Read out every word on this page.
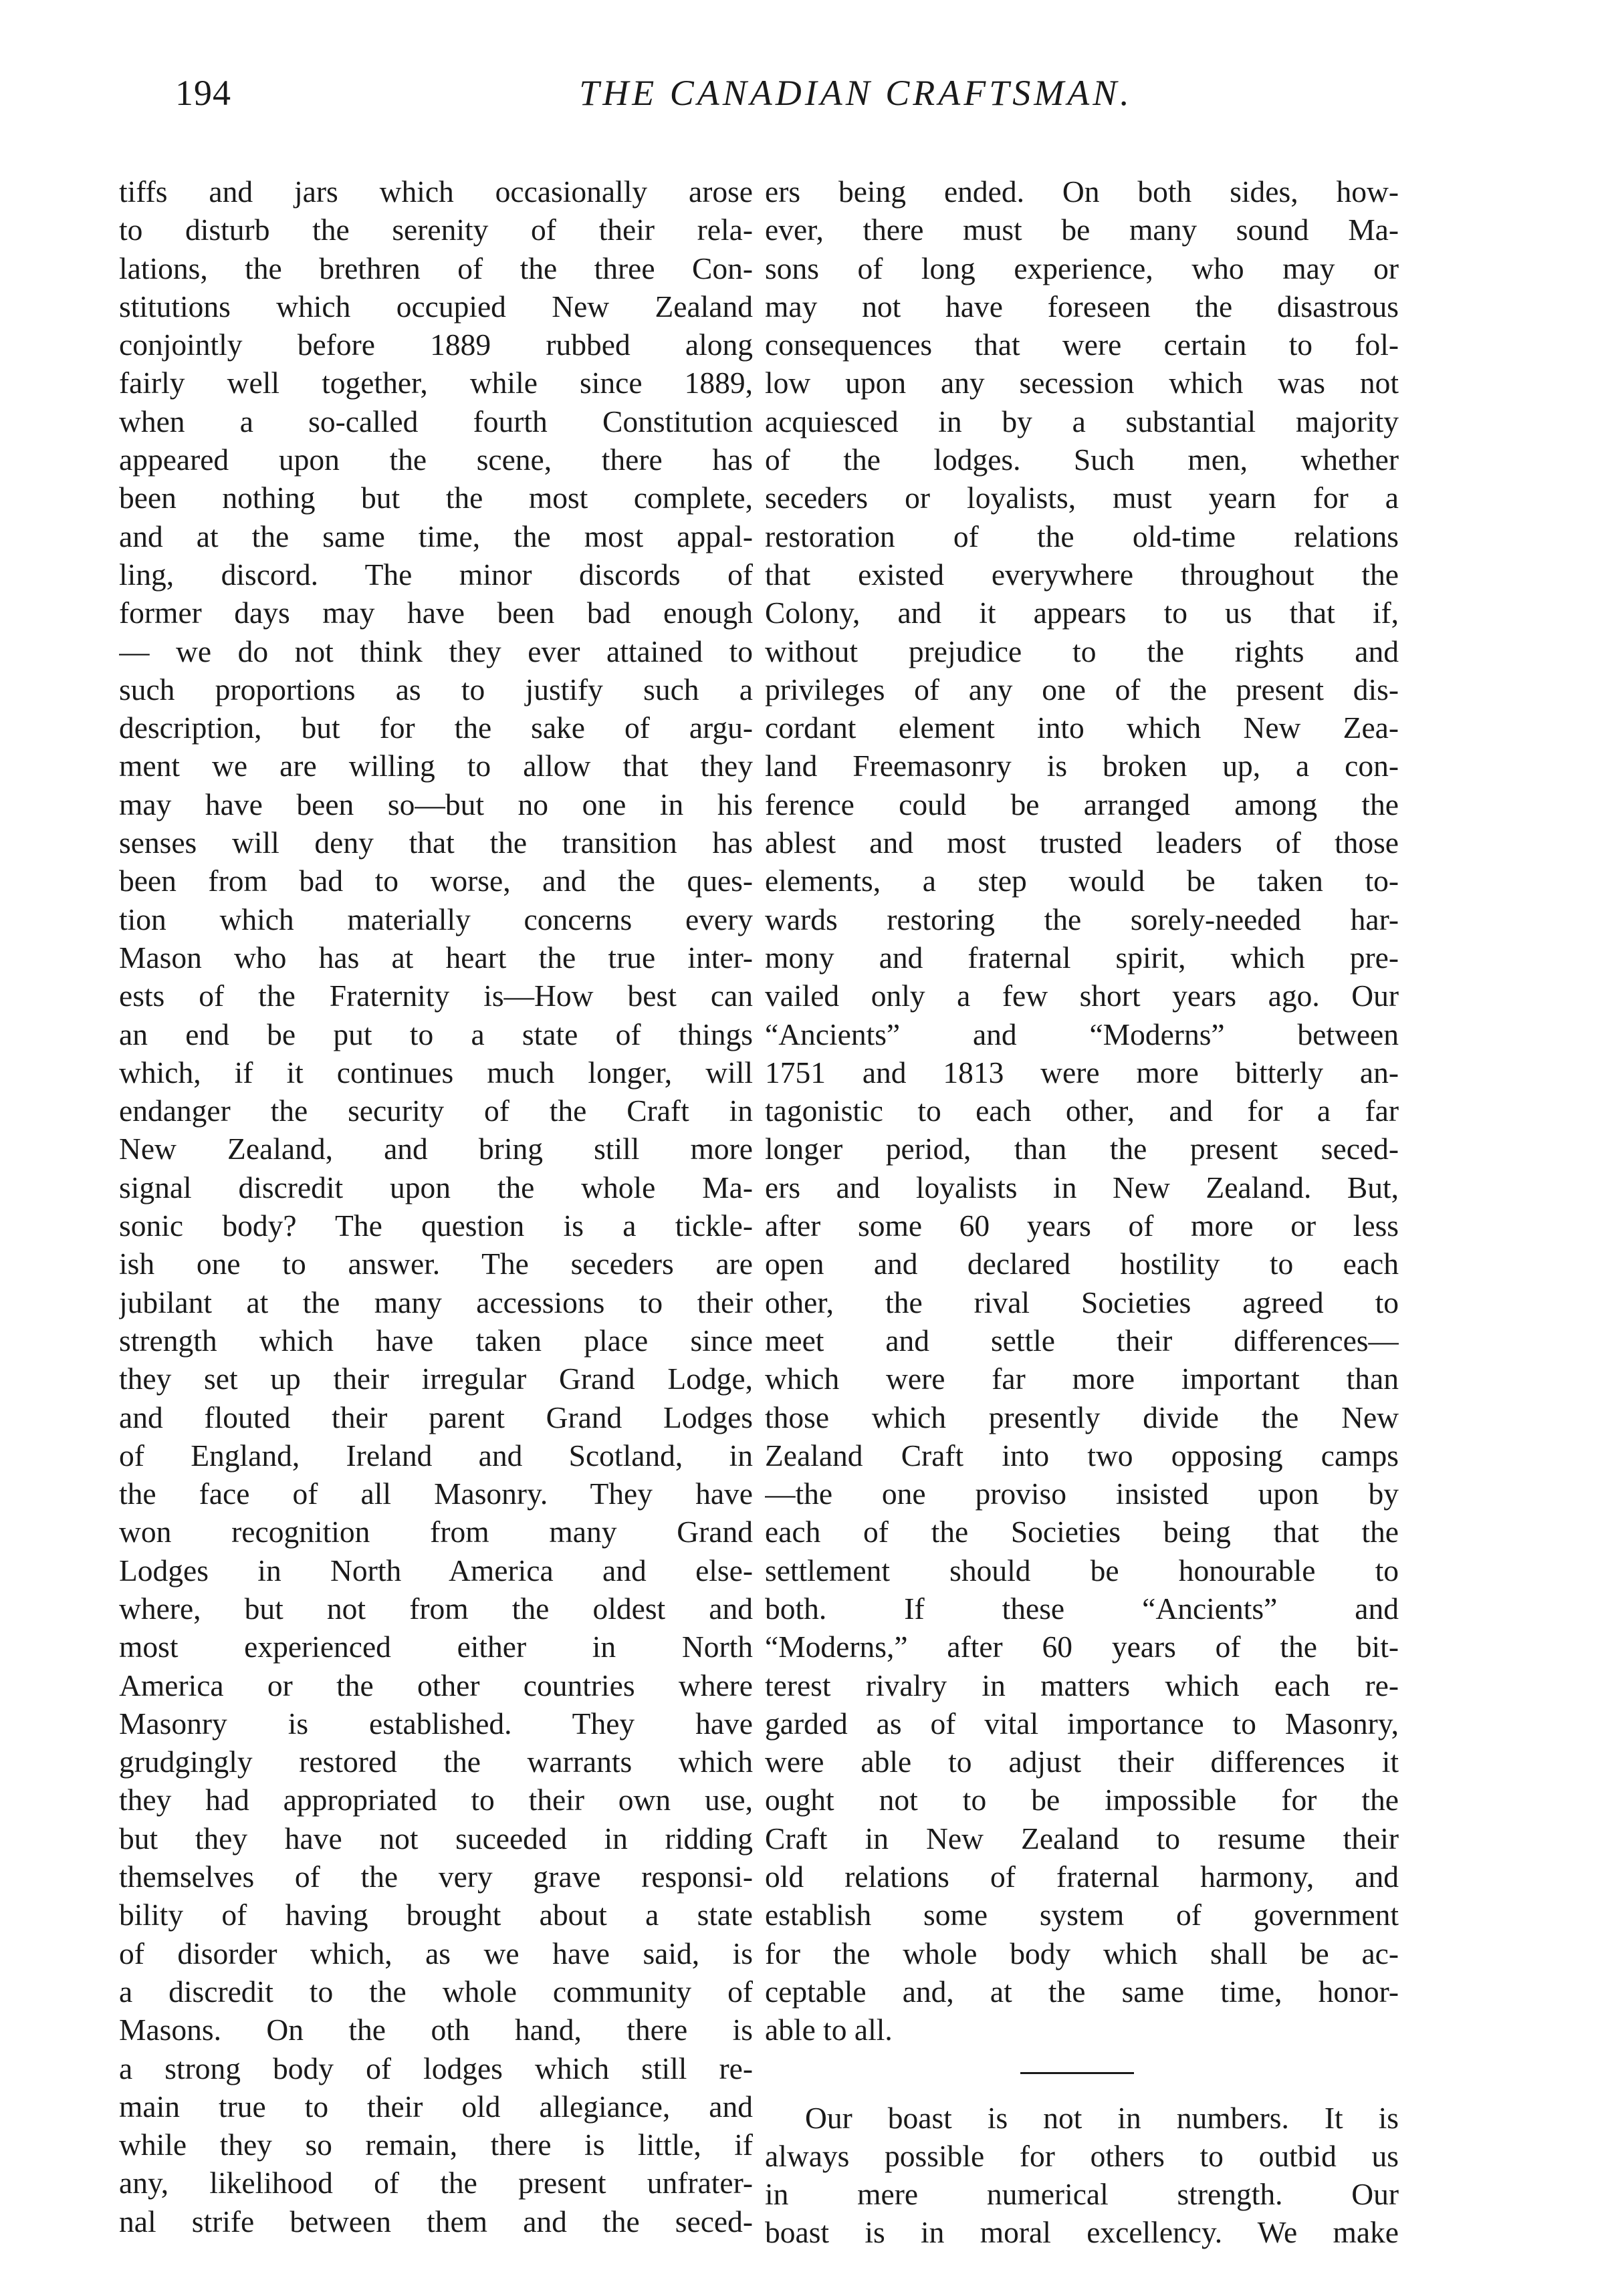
194	THE CANADIAN CRAFTSMAN.
tiffs and jars which occasionally arose
to disturb the serenity of their rela-
lations, the brethren of the three Con-
stitutions which occupied New Zealand
conjointly before 1889 rubbed along
fairly well together, while since 1889,
when a so-called fourth Constitution
appeared upon the scene, there has
been nothing but the most complete,
and at the same time, the most appal-
ling, discord. The minor discords of
former days may have been bad enough
— we do not think they ever attained to
such proportions as to justify such a
description, but for the sake of argu-
ment we are willing to allow that they
may have been so—but no one in his
senses will deny that the transition has
been from bad to worse, and the ques-
tion which materially concerns every
Mason who has at heart the true inter-
ests of the Fraternity is—How best can
an end be put to a state of things
which, if it continues much longer, will
endanger the security of the Craft in
New Zealand, and bring still more
signal discredit upon the whole Ma-
sonic body? The question is a tickle-
ish one to answer. The seceders are
jubilant at the many accessions to their
strength which have taken place since
they set up their irregular Grand Lodge,
and flouted their parent Grand Lodges
of England, Ireland and Scotland, in
the face of all Masonry. They have
won recognition from many Grand
Lodges in North America and else-
where, but not from the oldest and
most experienced either in North
America or the other countries where
Masonry is established. They have
grudgingly restored the warrants which
they had appropriated to their own use,
but they have not suceeded in ridding
themselves of the very grave responsi-
bility of having brought about a state
of disorder which, as we have said, is
a discredit to the whole community of
Masons. On the oth hand, there is
a strong body of lodges which still re-
main true to their old allegiance, and
while they so remain, there is little, if
any, likelihood of the present unfrater-
nal strife between them and the seced-
ers being ended. On both sides, how-
ever, there must be many sound Ma-
sons of long experience, who may or
may not have foreseen the disastrous
consequences that were certain to fol-
low upon any secession which was not
acquiesced in by a substantial majority
of the lodges. Such men, whether
seceders or loyalists, must yearn for a
restoration of the old-time relations
that existed everywhere throughout the
Colony, and it appears to us that if,
without prejudice to the rights and
privileges of any one of the present dis-
cordant element into which New Zea-
land Freemasonry is broken up, a con-
ference could be arranged among the
ablest and most trusted leaders of those
elements, a step would be taken to-
wards restoring the sorely-needed har-
mony and fraternal spirit, which pre-
vailed only a few short years ago. Our
“Ancients” and “Moderns” between
1751 and 1813 were more bitterly an-
tagonistic to each other, and for a far
longer period, than the present seced-
ers and loyalists in New Zealand. But,
after some 60 years of more or less
open and declared hostility to each
other, the rival Societies agreed to
meet and settle their differences—
which were far more important than
those which presently divide the New
Zealand Craft into two opposing camps
—the one proviso insisted upon by
each of the Societies being that the
settlement should be honourable to
both. If these “Ancients” and
“Moderns,” after 60 years of the bit-
terest rivalry in matters which each re-
garded as of vital importance to Masonry,
were able to adjust their differences it
ought not to be impossible for the
Craft in New Zealand to resume their
old relations of fraternal harmony, and
establish some system of government
for the whole body which shall be ac-
ceptable and, at the same time, honor-
able to all.
Our boast is not in numbers. It is
always possible for others to outbid us
in mere numerical strength. Our
boast is in moral excellency. We make
